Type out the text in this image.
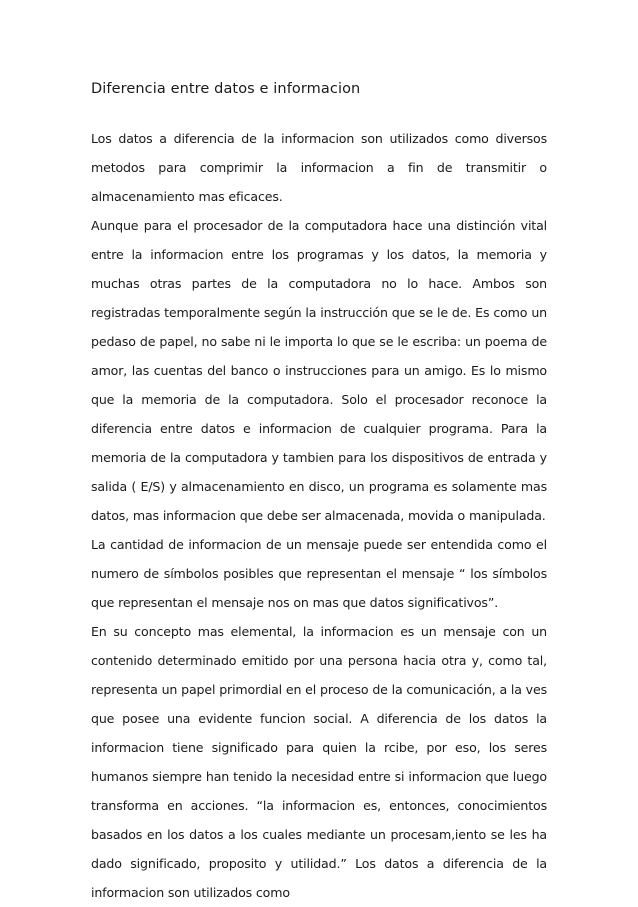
Diferencia entre datos e informacion

Los datos a diferencia de la informacion son utilizados como diversos metodos para comprimir la informacion a fin de transmitir o almacenamiento mas eficaces.

Aunque para el procesador de la computadora hace una distinción vital entre la informacion entre los programas y los datos, la memoria y muchas otras partes de la computadora no lo hace. Ambos son registradas temporalmente según la instrucción que se le de. Es como un pedaso de papel, no sabe ni le importa lo que se le escriba: un poema de amor, las cuentas del banco o instrucciones para un amigo. Es lo mismo que la memoria de la computadora. Solo el procesador reconoce la diferencia entre datos e informacion de cualquier programa. Para la memoria de la computadora y tambien para los dispositivos de entrada y salida ( E/S) y almacenamiento en disco, un programa es solamente mas datos, mas informacion que debe ser almacenada, movida o manipulada.

La cantidad de informacion de un mensaje puede ser entendida como el numero de símbolos posibles que representan el mensaje “ los símbolos que representan el mensaje nos on mas que datos significativos”.

En su concepto mas elemental, la informacion es un mensaje con un contenido determinado emitido por una persona hacia otra y, como tal, representa un papel primordial en el proceso de la comunicación, a la ves que posee una evidente funcion social. A diferencia de los datos la informacion tiene significado para quien la rcibe, por eso, los seres humanos siempre han tenido la necesidad entre si informacion que luego transforma en acciones. “la informacion es, entonces, conocimientos basados en los datos a los cuales mediante un procesam,iento se les ha dado significado, proposito y utilidad.” Los datos a diferencia de la informacion son utilizados como
